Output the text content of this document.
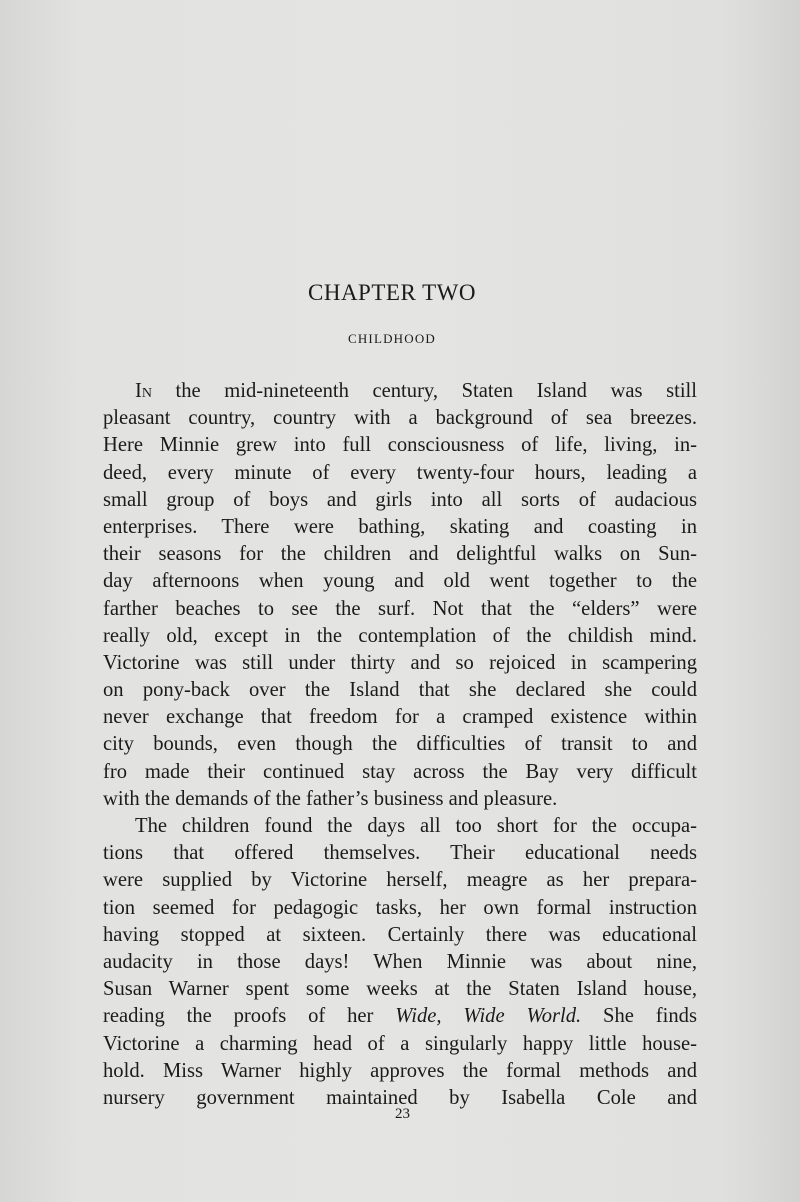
CHAPTER TWO
CHILDHOOD
In the mid-nineteenth century, Staten Island was still
pleasant country, country with a background of sea breezes.
Here Minnie grew into full consciousness of life, living, in-
deed, every minute of every twenty-four hours, leading a
small group of boys and girls into all sorts of audacious
enterprises. There were bathing, skating and coasting in
their seasons for the children and delightful walks on Sun-
day afternoons when young and old went together to the
farther beaches to see the surf. Not that the “elders” were
really old, except in the contemplation of the childish mind.
Victorine was still under thirty and so rejoiced in scampering
on pony-back over the Island that she declared she could
never exchange that freedom for a cramped existence within
city bounds, even though the difficulties of transit to and
fro made their continued stay across the Bay very difficult
with the demands of the father’s business and pleasure.
The children found the days all too short for the occupa-
tions that offered themselves. Their educational needs
were supplied by Victorine herself, meagre as her prepara-
tion seemed for pedagogic tasks, her own formal instruction
having stopped at sixteen. Certainly there was educational
audacity in those days! When Minnie was about nine,
Susan Warner spent some weeks at the Staten Island house,
reading the proofs of her Wide, Wide World. She finds
Victorine a charming head of a singularly happy little house-
hold. Miss Warner highly approves the formal methods and
nursery government maintained by Isabella Cole and
23
